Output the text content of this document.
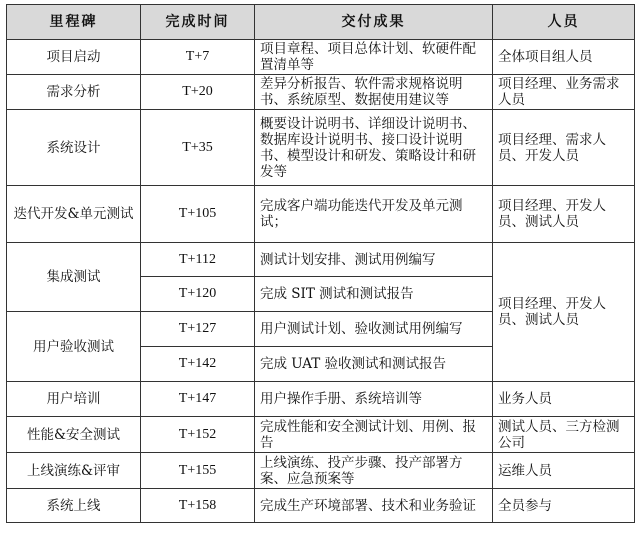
里程碑	完成时间	交付成果	人员
项目启动	T+7	项目章程、项目总体计划、软硬件配置清单等	全体项目组人员
需求分析	T+20	差异分析报告、软件需求规格说明书、系统原型、数据使用建议等	项目经理、业务需求人员
系统设计	T+35	概要设计说明书、详细设计说明书、数据库设计说明书、接口设计说明书、模型设计和研发、策略设计和研发等	项目经理、需求人员、开发人员
迭代开发&单元测试	T+105	完成客户端功能迭代开发及单元测试；	项目经理、开发人员、测试人员
集成测试	T+112	测试计划安排、测试用例编写	项目经理、开发人员、测试人员
	T+120	完成 SIT 测试和测试报告	
用户验收测试	T+127	用户测试计划、验收测试用例编写	
	T+142	完成 UAT 验收测试和测试报告	
用户培训	T+147	用户操作手册、系统培训等	业务人员
性能&安全测试	T+152	完成性能和安全测试计划、用例、报告	测试人员、三方检测公司
上线演练&评审	T+155	上线演练、投产步骤、投产部署方案、应急预案等	运维人员
系统上线	T+158	完成生产环境部署、技术和业务验证	全员参与
